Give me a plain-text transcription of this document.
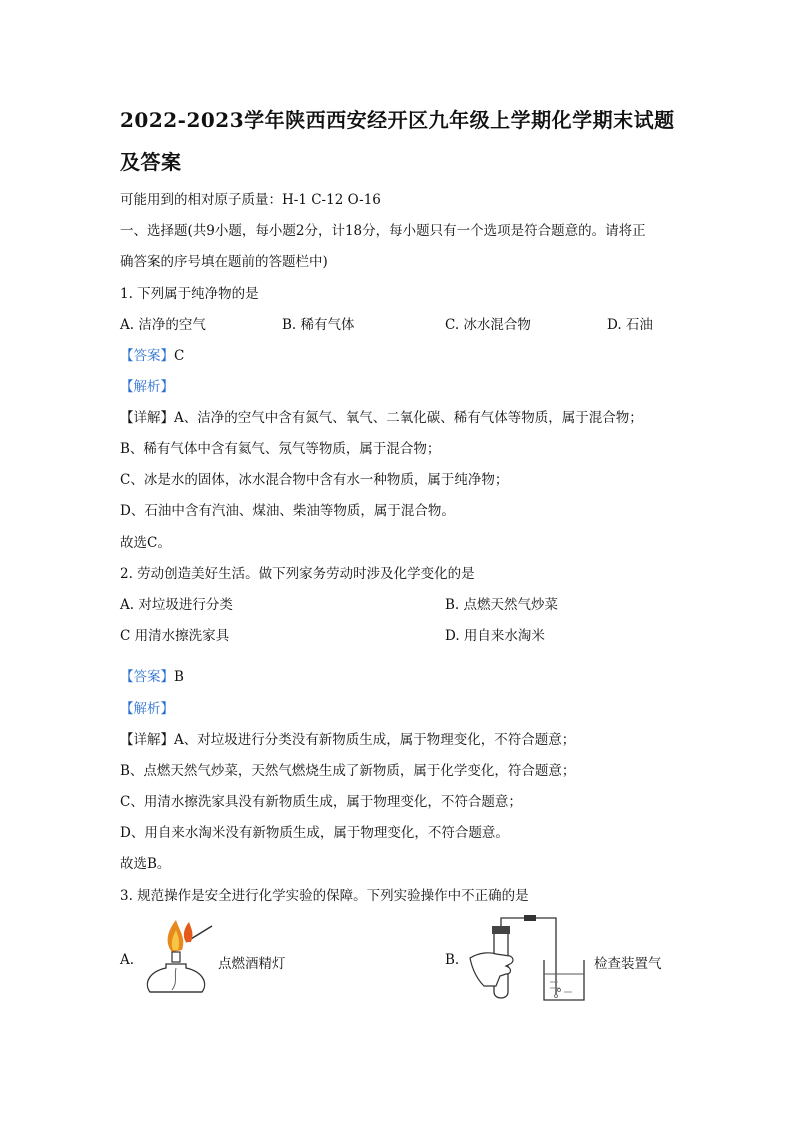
2022-2023学年陕西西安经开区九年级上学期化学期末试题
及答案
可能用到的相对原子质量：H-1 C-12 O-16
一、选择题(共9小题，每小题2分，计18分，每小题只有一个选项是符合题意的。请将正
确答案的序号填在题前的答题栏中)
1. 下列属于纯净物的是
A. 洁净的空气	B. 稀有气体	C. 冰水混合物	D. 石油
【答案】C
【解析】
【详解】A、洁净的空气中含有氮气、氧气、二氧化碳、稀有气体等物质，属于混合物；
B、稀有气体中含有氦气、氖气等物质，属于混合物；
C、冰是水的固体，冰水混合物中含有水一种物质，属于纯净物；
D、石油中含有汽油、煤油、柴油等物质，属于混合物。
故选C。
2. 劳动创造美好生活。做下列家务劳动时涉及化学变化的是
A. 对垃圾进行分类	B. 点燃天然气炒菜
C 用清水擦洗家具	D. 用自来水淘米
【答案】B
【解析】
【详解】A、对垃圾进行分类没有新物质生成，属于物理变化，不符合题意；
B、点燃天然气炒菜，天然气燃烧生成了新物质，属于化学变化，符合题意；
C、用清水擦洗家具没有新物质生成，属于物理变化，不符合题意；
D、用自来水淘米没有新物质生成，属于物理变化，不符合题意。
故选B。
3. 规范操作是安全进行化学实验的保障。下列实验操作中不正确的是
A.	点燃酒精灯	B.	检查装置气
